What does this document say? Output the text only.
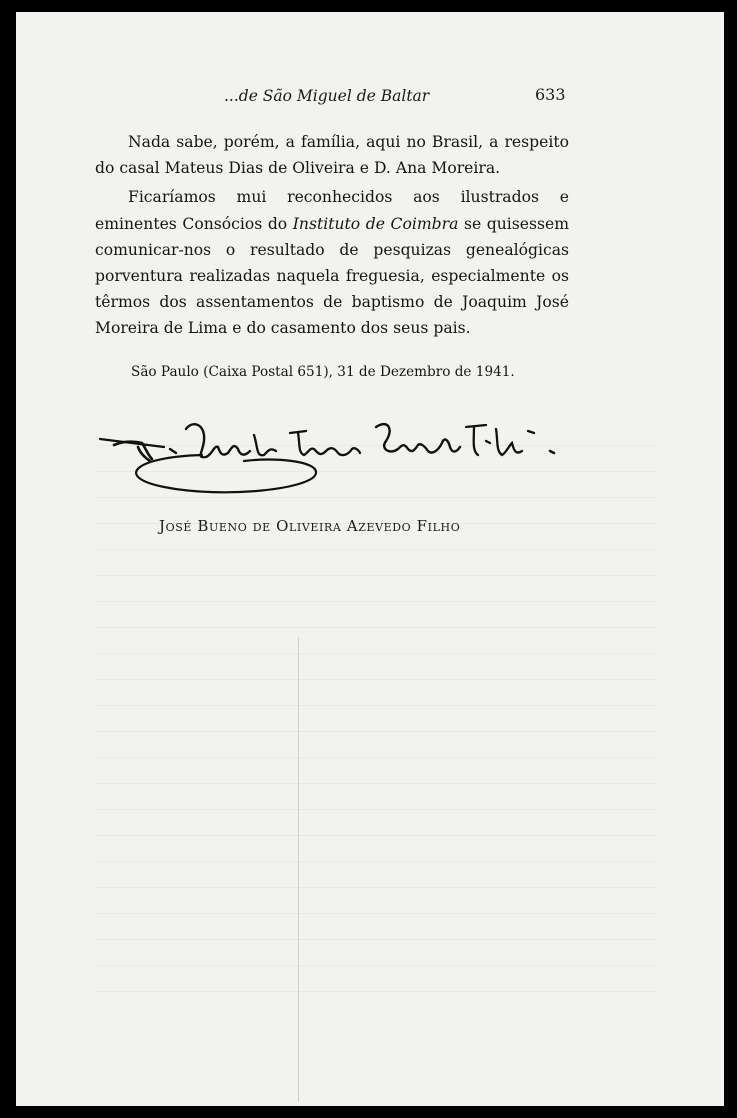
...de São Miguel de Baltar	633

Nada sabe, porém, a família, aqui no Brasil, a respeito do casal Mateus Dias de Oliveira e D. Ana Moreira.

Ficaríamos mui reconhecidos aos ilustrados e eminentes Consócios do Instituto de Coimbra se quisessem comunicar-nos o resultado de pesquizas genealógicas porventura realizadas naquela freguesia, especialmente os têrmos dos assentamentos de baptismo de Joaquim José Moreira de Lima e do casamento dos seus pais.

São Paulo (Caixa Postal 651), 31 de Dezembro de 1941.
José Bueno de Oliveira Azevedo Filho
